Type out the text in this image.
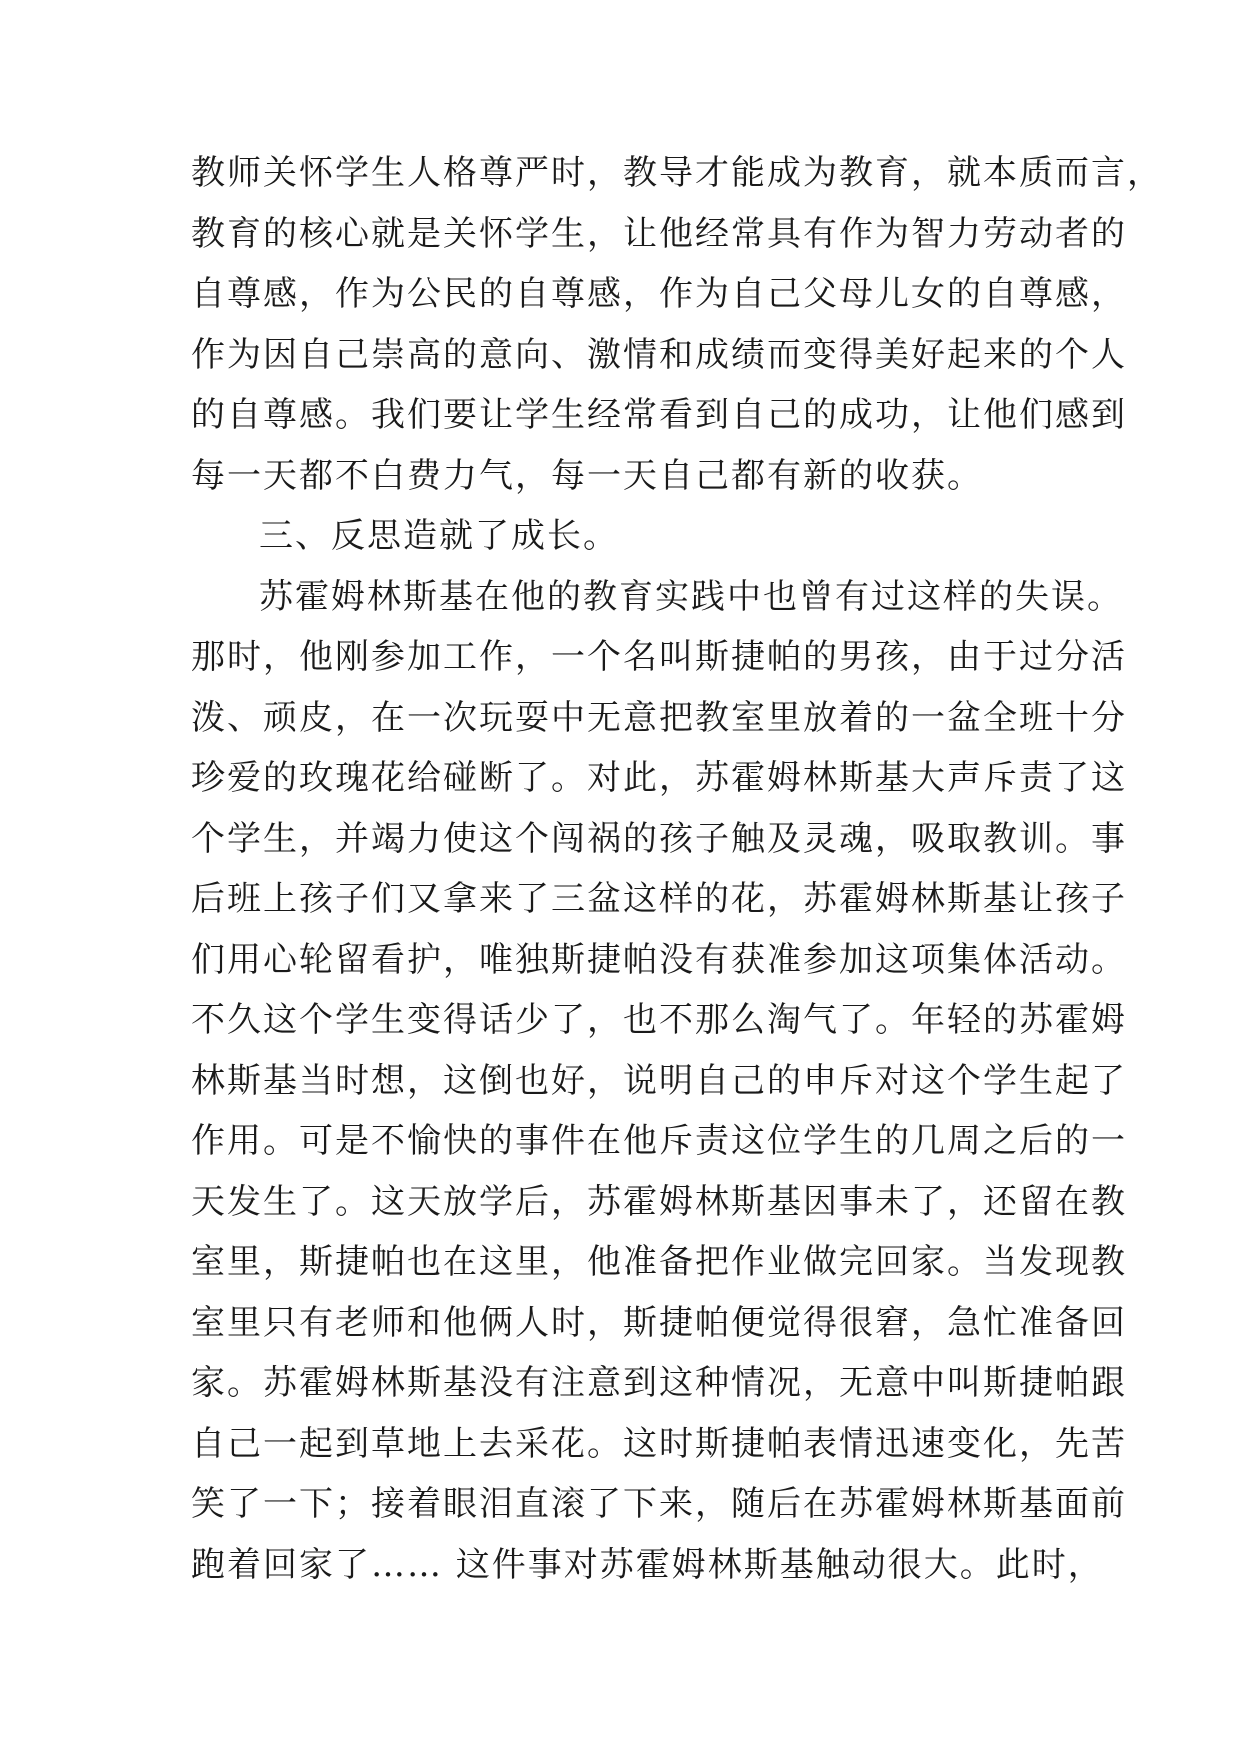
教师关怀学生人格尊严时，教导才能成为教育，就本质而言，
教育的核心就是关怀学生，让他经常具有作为智力劳动者的
自尊感，作为公民的自尊感，作为自己父母儿女的自尊感，
作为因自己崇高的意向、激情和成绩而变得美好起来的个人
的自尊感。我们要让学生经常看到自己的成功，让他们感到
每一天都不白费力气，每一天自己都有新的收获。
三、反思造就了成长。
苏霍姆林斯基在他的教育实践中也曾有过这样的失误。
那时，他刚参加工作，一个名叫斯捷帕的男孩，由于过分活
泼、顽皮，在一次玩耍中无意把教室里放着的一盆全班十分
珍爱的玫瑰花给碰断了。对此，苏霍姆林斯基大声斥责了这
个学生，并竭力使这个闯祸的孩子触及灵魂，吸取教训。事
后班上孩子们又拿来了三盆这样的花，苏霍姆林斯基让孩子
们用心轮留看护，唯独斯捷帕没有获准参加这项集体活动。
不久这个学生变得话少了，也不那么淘气了。年轻的苏霍姆
林斯基当时想，这倒也好，说明自己的申斥对这个学生起了
作用。可是不愉快的事件在他斥责这位学生的几周之后的一
天发生了。这天放学后，苏霍姆林斯基因事未了，还留在教
室里，斯捷帕也在这里，他准备把作业做完回家。当发现教
室里只有老师和他俩人时，斯捷帕便觉得很窘，急忙准备回
家。苏霍姆林斯基没有注意到这种情况，无意中叫斯捷帕跟
自己一起到草地上去采花。这时斯捷帕表情迅速变化，先苦
笑了一下；接着眼泪直滚了下来，随后在苏霍姆林斯基面前
跑着回家了…… 这件事对苏霍姆林斯基触动很大。此时，
